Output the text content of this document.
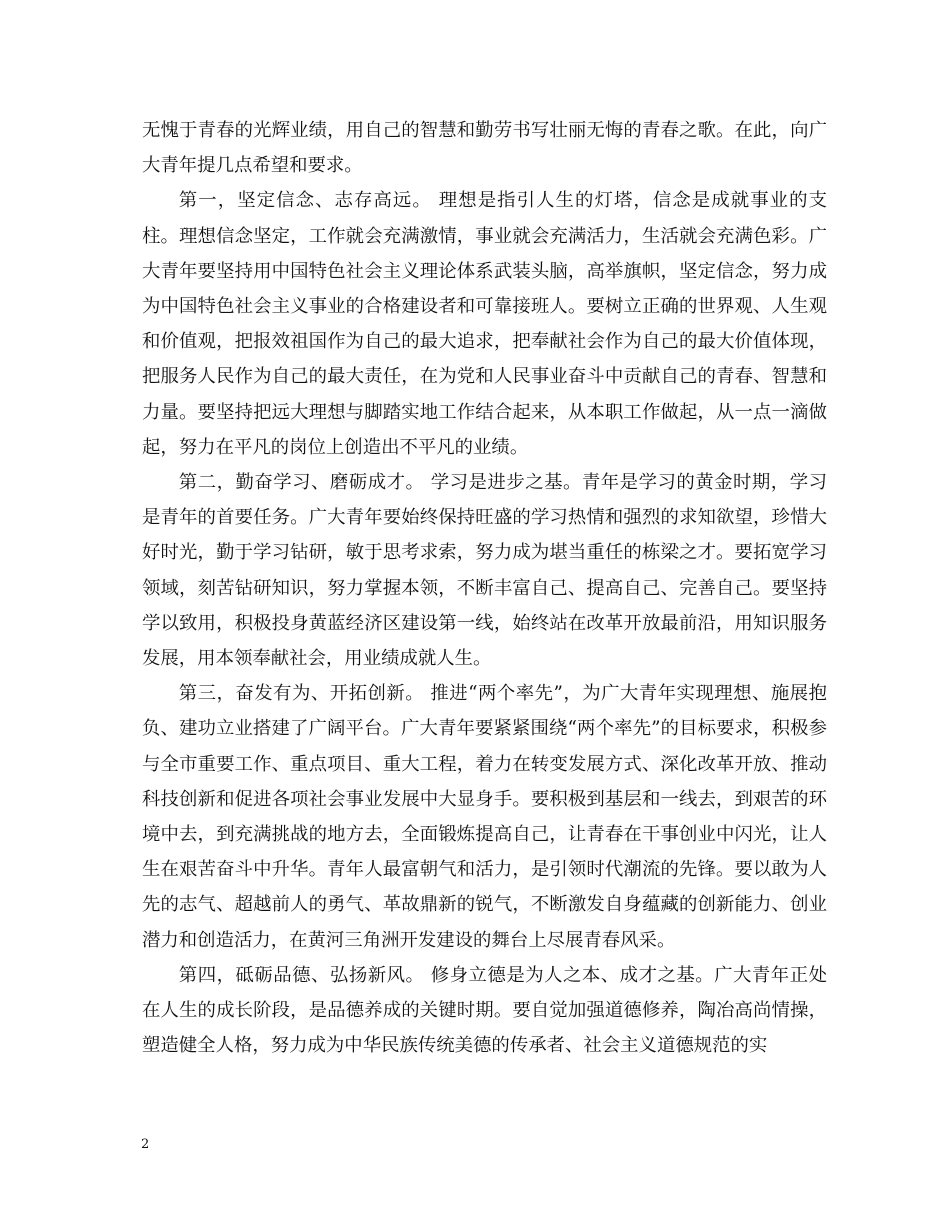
无愧于青春的光辉业绩，用自己的智慧和勤劳书写壮丽无悔的青春之歌。在此，向广大青年提几点希望和要求。

第一，坚定信念、志存高远。 理想是指引人生的灯塔，信念是成就事业的支柱。理想信念坚定，工作就会充满激情，事业就会充满活力，生活就会充满色彩。广大青年要坚持用中国特色社会主义理论体系武装头脑，高举旗帜，坚定信念，努力成为中国特色社会主义事业的合格建设者和可靠接班人。要树立正确的世界观、人生观和价值观，把报效祖国作为自己的最大追求，把奉献社会作为自己的最大价值体现，把服务人民作为自己的最大责任，在为党和人民事业奋斗中贡献自己的青春、智慧和力量。要坚持把远大理想与脚踏实地工作结合起来，从本职工作做起，从一点一滴做起，努力在平凡的岗位上创造出不平凡的业绩。

第二，勤奋学习、磨砺成才。 学习是进步之基。青年是学习的黄金时期，学习是青年的首要任务。广大青年要始终保持旺盛的学习热情和强烈的求知欲望，珍惜大好时光，勤于学习钻研，敏于思考求索，努力成为堪当重任的栋梁之才。要拓宽学习领域，刻苦钻研知识，努力掌握本领，不断丰富自己、提高自己、完善自己。要坚持学以致用，积极投身黄蓝经济区建设第一线，始终站在改革开放最前沿，用知识服务发展，用本领奉献社会，用业绩成就人生。

第三，奋发有为、开拓创新。 推进“两个率先”，为广大青年实现理想、施展抱负、建功立业搭建了广阔平台。广大青年要紧紧围绕“两个率先”的目标要求，积极参与全市重要工作、重点项目、重大工程，着力在转变发展方式、深化改革开放、推动科技创新和促进各项社会事业发展中大显身手。要积极到基层和一线去，到艰苦的环境中去，到充满挑战的地方去，全面锻炼提高自己，让青春在干事创业中闪光，让人生在艰苦奋斗中升华。青年人最富朝气和活力，是引领时代潮流的先锋。要以敢为人先的志气、超越前人的勇气、革故鼎新的锐气，不断激发自身蕴藏的创新能力、创业潜力和创造活力，在黄河三角洲开发建设的舞台上尽展青春风采。

第四，砥砺品德、弘扬新风。 修身立德是为人之本、成才之基。广大青年正处在人生的成长阶段，是品德养成的关键时期。要自觉加强道德修养，陶冶高尚情操，塑造健全人格，努力成为中华民族传统美德的传承者、社会主义道德规范的实

2
